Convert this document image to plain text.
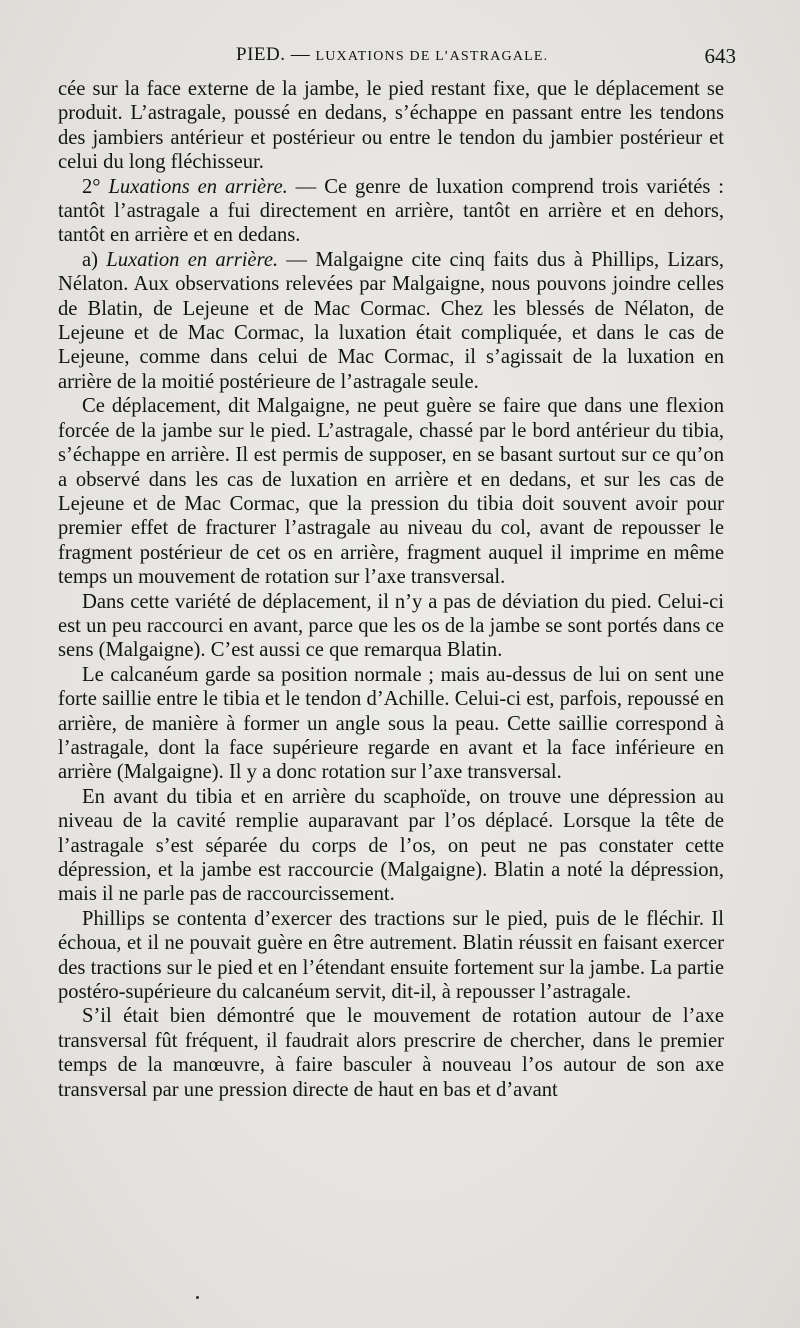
PIED. — LUXATIONS DE L’ASTRAGALE.	643

cée sur la face externe de la jambe, le pied restant fixe, que le déplacement se produit. L’astragale, poussé en dedans, s’échappe en passant entre les tendons des jambiers antérieur et postérieur ou entre le tendon du jambier postérieur et celui du long fléchisseur.

2° Luxations en arrière. — Ce genre de luxation comprend trois variétés : tantôt l’astragale a fui directement en arrière, tantôt en arrière et en dehors, tantôt en arrière et en dedans.

a) Luxation en arrière. — Malgaigne cite cinq faits dus à Phillips, Lizars, Nélaton. Aux observations relevées par Malgaigne, nous pouvons joindre celles de Blatin, de Lejeune et de Mac Cormac. Chez les blessés de Nélaton, de Lejeune et de Mac Cormac, la luxation était compliquée, et dans le cas de Lejeune, comme dans celui de Mac Cormac, il s’agissait de la luxation en arrière de la moitié postérieure de l’astragale seule.

Ce déplacement, dit Malgaigne, ne peut guère se faire que dans une flexion forcée de la jambe sur le pied. L’astragale, chassé par le bord antérieur du tibia, s’échappe en arrière. Il est permis de supposer, en se basant surtout sur ce qu’on a observé dans les cas de luxation en arrière et en dedans, et sur les cas de Lejeune et de Mac Cormac, que la pression du tibia doit souvent avoir pour premier effet de fracturer l’astragale au niveau du col, avant de repousser le fragment postérieur de cet os en arrière, fragment auquel il imprime en même temps un mouvement de rotation sur l’axe transversal.

Dans cette variété de déplacement, il n’y a pas de déviation du pied. Celui-ci est un peu raccourci en avant, parce que les os de la jambe se sont portés dans ce sens (Malgaigne). C’est aussi ce que remarqua Blatin.

Le calcanéum garde sa position normale ; mais au-dessus de lui on sent une forte saillie entre le tibia et le tendon d’Achille. Celui-ci est, parfois, repoussé en arrière, de manière à former un angle sous la peau. Cette saillie correspond à l’astragale, dont la face supérieure regarde en avant et la face inférieure en arrière (Malgaigne). Il y a donc rotation sur l’axe transversal.

En avant du tibia et en arrière du scaphoïde, on trouve une dépression au niveau de la cavité remplie auparavant par l’os déplacé. Lorsque la tête de l’astragale s’est séparée du corps de l’os, on peut ne pas constater cette dépression, et la jambe est raccourcie (Malgaigne). Blatin a noté la dépression, mais il ne parle pas de raccourcissement.

Phillips se contenta d’exercer des tractions sur le pied, puis de le fléchir. Il échoua, et il ne pouvait guère en être autrement. Blatin réussit en faisant exercer des tractions sur le pied et en l’étendant ensuite fortement sur la jambe. La partie postéro-supérieure du calcanéum servit, dit-il, à repousser l’astragale.

S’il était bien démontré que le mouvement de rotation autour de l’axe transversal fût fréquent, il faudrait alors prescrire de chercher, dans le premier temps de la manœuvre, à faire basculer à nouveau l’os autour de son axe transversal par une pression directe de haut en bas et d’avant
